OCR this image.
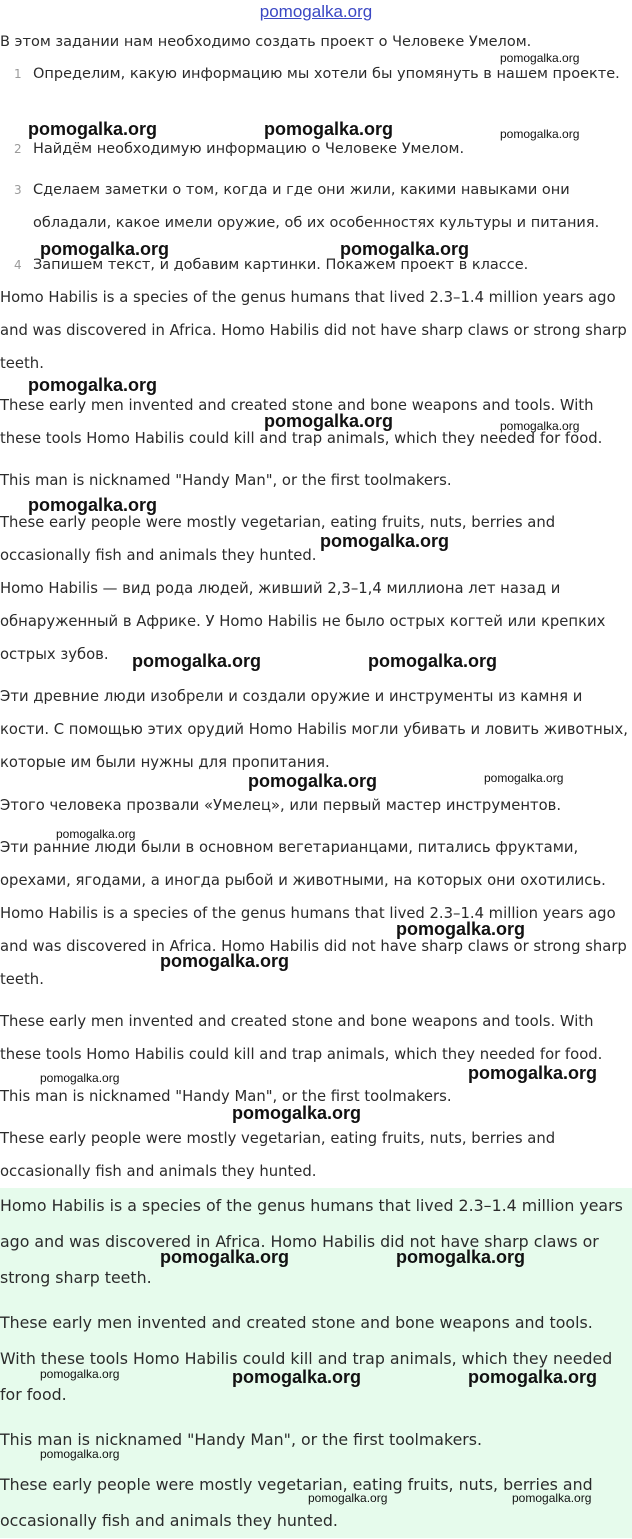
pomogalka.org
В этом задании нам необходимо создать проект о Человеке Умелом.
1 Определим, какую информацию мы хотели бы упомянуть в нашем проекте.
2 Найдём необходимую информацию о Человеке Умелом.
3 Сделаем заметки о том, когда и где они жили, какими навыками они обладали, какое имели оружие, об их особенностях культуры и питания.
4 Запишем текст, и добавим картинки. Покажем проект в классе.

Homo Habilis is a species of the genus humans that lived 2.3–1.4 million years ago and was discovered in Africa. Homo Habilis did not have sharp claws or strong sharp teeth.

These early men invented and created stone and bone weapons and tools. With these tools Homo Habilis could kill and trap animals, which they needed for food.

This man is nicknamed "Handy Man", or the first toolmakers.

These early people were mostly vegetarian, eating fruits, nuts, berries and occasionally fish and animals they hunted.

Homo Habilis — вид рода людей, живший 2,3–1,4 миллиона лет назад и обнаруженный в Африке. У Homo Habilis не было острых когтей или крепких острых зубов.

Эти древние люди изобрели и создали оружие и инструменты из камня и кости. С помощью этих орудий Homo Habilis могли убивать и ловить животных, которые им были нужны для пропитания.

Этого человека прозвали «Умелец», или первый мастер инструментов.

Эти ранние люди были в основном вегетарианцами, питались фруктами, орехами, ягодами, а иногда рыбой и животными, на которых они охотились.

Homo Habilis is a species of the genus humans that lived 2.3–1.4 million years ago and was discovered in Africa. Homo Habilis did not have sharp claws or strong sharp teeth.

These early men invented and created stone and bone weapons and tools. With these tools Homo Habilis could kill and trap animals, which they needed for food.

This man is nicknamed "Handy Man", or the first toolmakers.

These early people were mostly vegetarian, eating fruits, nuts, berries and occasionally fish and animals they hunted.

Homo Habilis is a species of the genus humans that lived 2.3–1.4 million years ago and was discovered in Africa. Homo Habilis did not have sharp claws or strong sharp teeth.

These early men invented and created stone and bone weapons and tools. With these tools Homo Habilis could kill and trap animals, which they needed for food.

This man is nicknamed "Handy Man", or the first toolmakers.

These early people were mostly vegetarian, eating fruits, nuts, berries and occasionally fish and animals they hunted.

pomogalka.org
pomogalka.org	pomogalka.org	pomogalka.org
pomogalka.org	pomogalka.org
pomogalka.org
pomogalka.org	pomogalka.org
pomogalka.org
pomogalka.org
pomogalka.org	pomogalka.org
pomogalka.org	pomogalka.org
pomogalka.org
pomogalka.org
pomogalka.org
pomogalka.org	pomogalka.org
pomogalka.org
pomogalka.org	pomogalka.org
pomogalka.org	pomogalka.org	pomogalka.org
pomogalka.org
pomogalka.org	pomogalka.org
